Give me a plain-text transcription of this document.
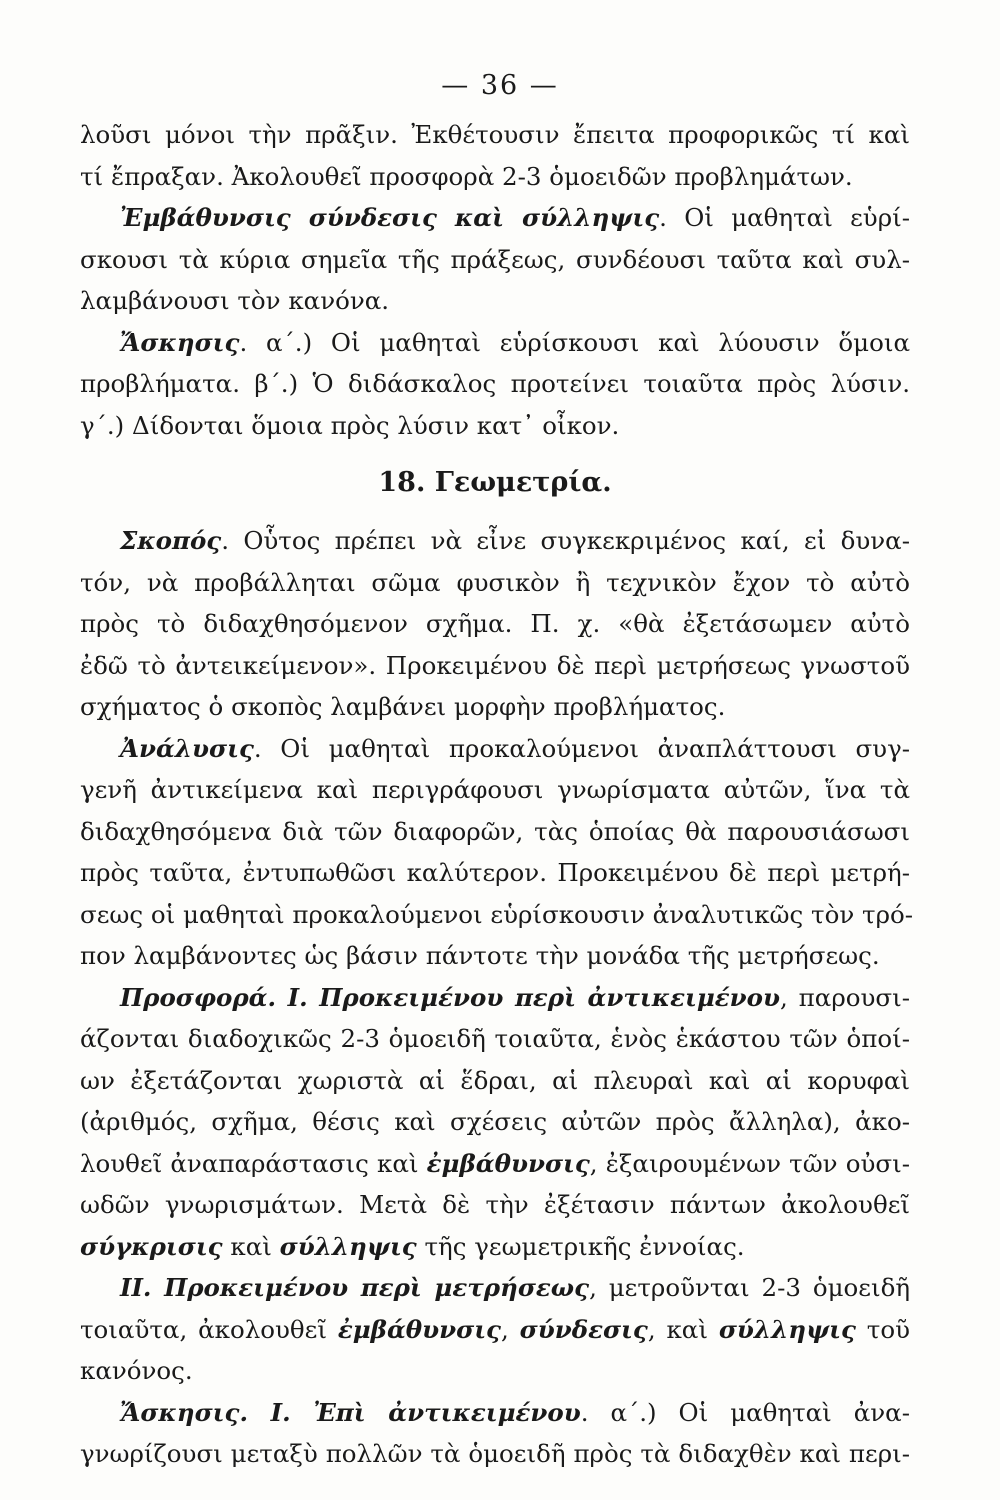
— 36 —
λοῦσι μόνοι τὴν πρᾶξιν. Ἐκθέτουσιν ἔπειτα προφορικῶς τί καὶ
τί ἔπραξαν. Ἀκολουθεῖ προσφορὰ 2-3 ὁμοειδῶν προβλημάτων.
Ἐμβάθυνσις σύνδεσις καὶ σύλληψις. Οἱ μαθηταὶ εὑρί-
σκουσι τὰ κύρια σημεῖα τῆς πράξεως, συνδέουσι ταῦτα καὶ συλ-
λαμβάνουσι τὸν κανόνα.
Ἄσκησις. α΄.) Οἱ μαθηταὶ εὑρίσκουσι καὶ λύουσιν ὅμοια
προβλήματα. β΄.) Ὁ διδάσκαλος προτείνει τοιαῦτα πρὸς λύσιν.
γ΄.) Δίδονται ὅμοια πρὸς λύσιν κατ᾽ οἶκον.
18. Γεωμετρία.
Σκοπός. Οὗτος πρέπει νὰ εἶνε συγκεκριμένος καί, εἰ δυνα-
τόν, νὰ προβάλληται σῶμα φυσικὸν ἢ τεχνικὸν ἔχον τὸ αὐτὸ
πρὸς τὸ διδαχθησόμενον σχῆμα. Π. χ. «θὰ ἐξετάσωμεν αὐτὸ
ἐδῶ τὸ ἀντεικείμενον». Προκειμένου δὲ περὶ μετρήσεως γνωστοῦ
σχήματος ὁ σκοπὸς λαμβάνει μορφὴν προβλήματος.
Ἀνάλυσις. Οἱ μαθηταὶ προκαλούμενοι ἀναπλάττουσι συγ-
γενῆ ἀντικείμενα καὶ περιγράφουσι γνωρίσματα αὐτῶν, ἵνα τὰ
διδαχθησόμενα διὰ τῶν διαφορῶν, τὰς ὁποίας θὰ παρουσιάσωσι
πρὸς ταῦτα, ἐντυπωθῶσι καλύτερον. Προκειμένου δὲ περὶ μετρή-
σεως οἱ μαθηταὶ προκαλούμενοι εὑρίσκουσιν ἀναλυτικῶς τὸν τρό-
πον λαμβάνοντες ὡς βάσιν πάντοτε τὴν μονάδα τῆς μετρήσεως.
Προσφορά. Ι. Προκειμένου περὶ ἀντικειμένου, παρουσι-
άζονται διαδοχικῶς 2-3 ὁμοειδῆ τοιαῦτα, ἑνὸς ἑκάστου τῶν ὁποί-
ων ἐξετάζονται χωριστὰ αἱ ἕδραι, αἱ πλευραὶ καὶ αἱ κορυφαὶ
(ἀριθμός, σχῆμα, θέσις καὶ σχέσεις αὐτῶν πρὸς ἄλληλα), ἀκο-
λουθεῖ ἀναπαράστασις καὶ ἐμβάθυνσις, ἐξαιρουμένων τῶν οὐσι-
ωδῶν γνωρισμάτων. Μετὰ δὲ τὴν ἐξέτασιν πάντων ἀκολουθεῖ
σύγκρισις καὶ σύλληψις τῆς γεωμετρικῆς ἐννοίας.
ΙΙ. Προκειμένου περὶ μετρήσεως, μετροῦνται 2-3 ὁμοειδῆ
τοιαῦτα, ἀκολουθεῖ ἐμβάθυνσις, σύνδεσις, καὶ σύλληψις τοῦ
κανόνος.
Ἄσκησις. Ι. Ἐπὶ ἀντικειμένου. α΄.) Οἱ μαθηταὶ ἀνα-
γνωρίζουσι μεταξὺ πολλῶν τὰ ὁμοειδῆ πρὸς τὰ διδαχθὲν καὶ περι-
